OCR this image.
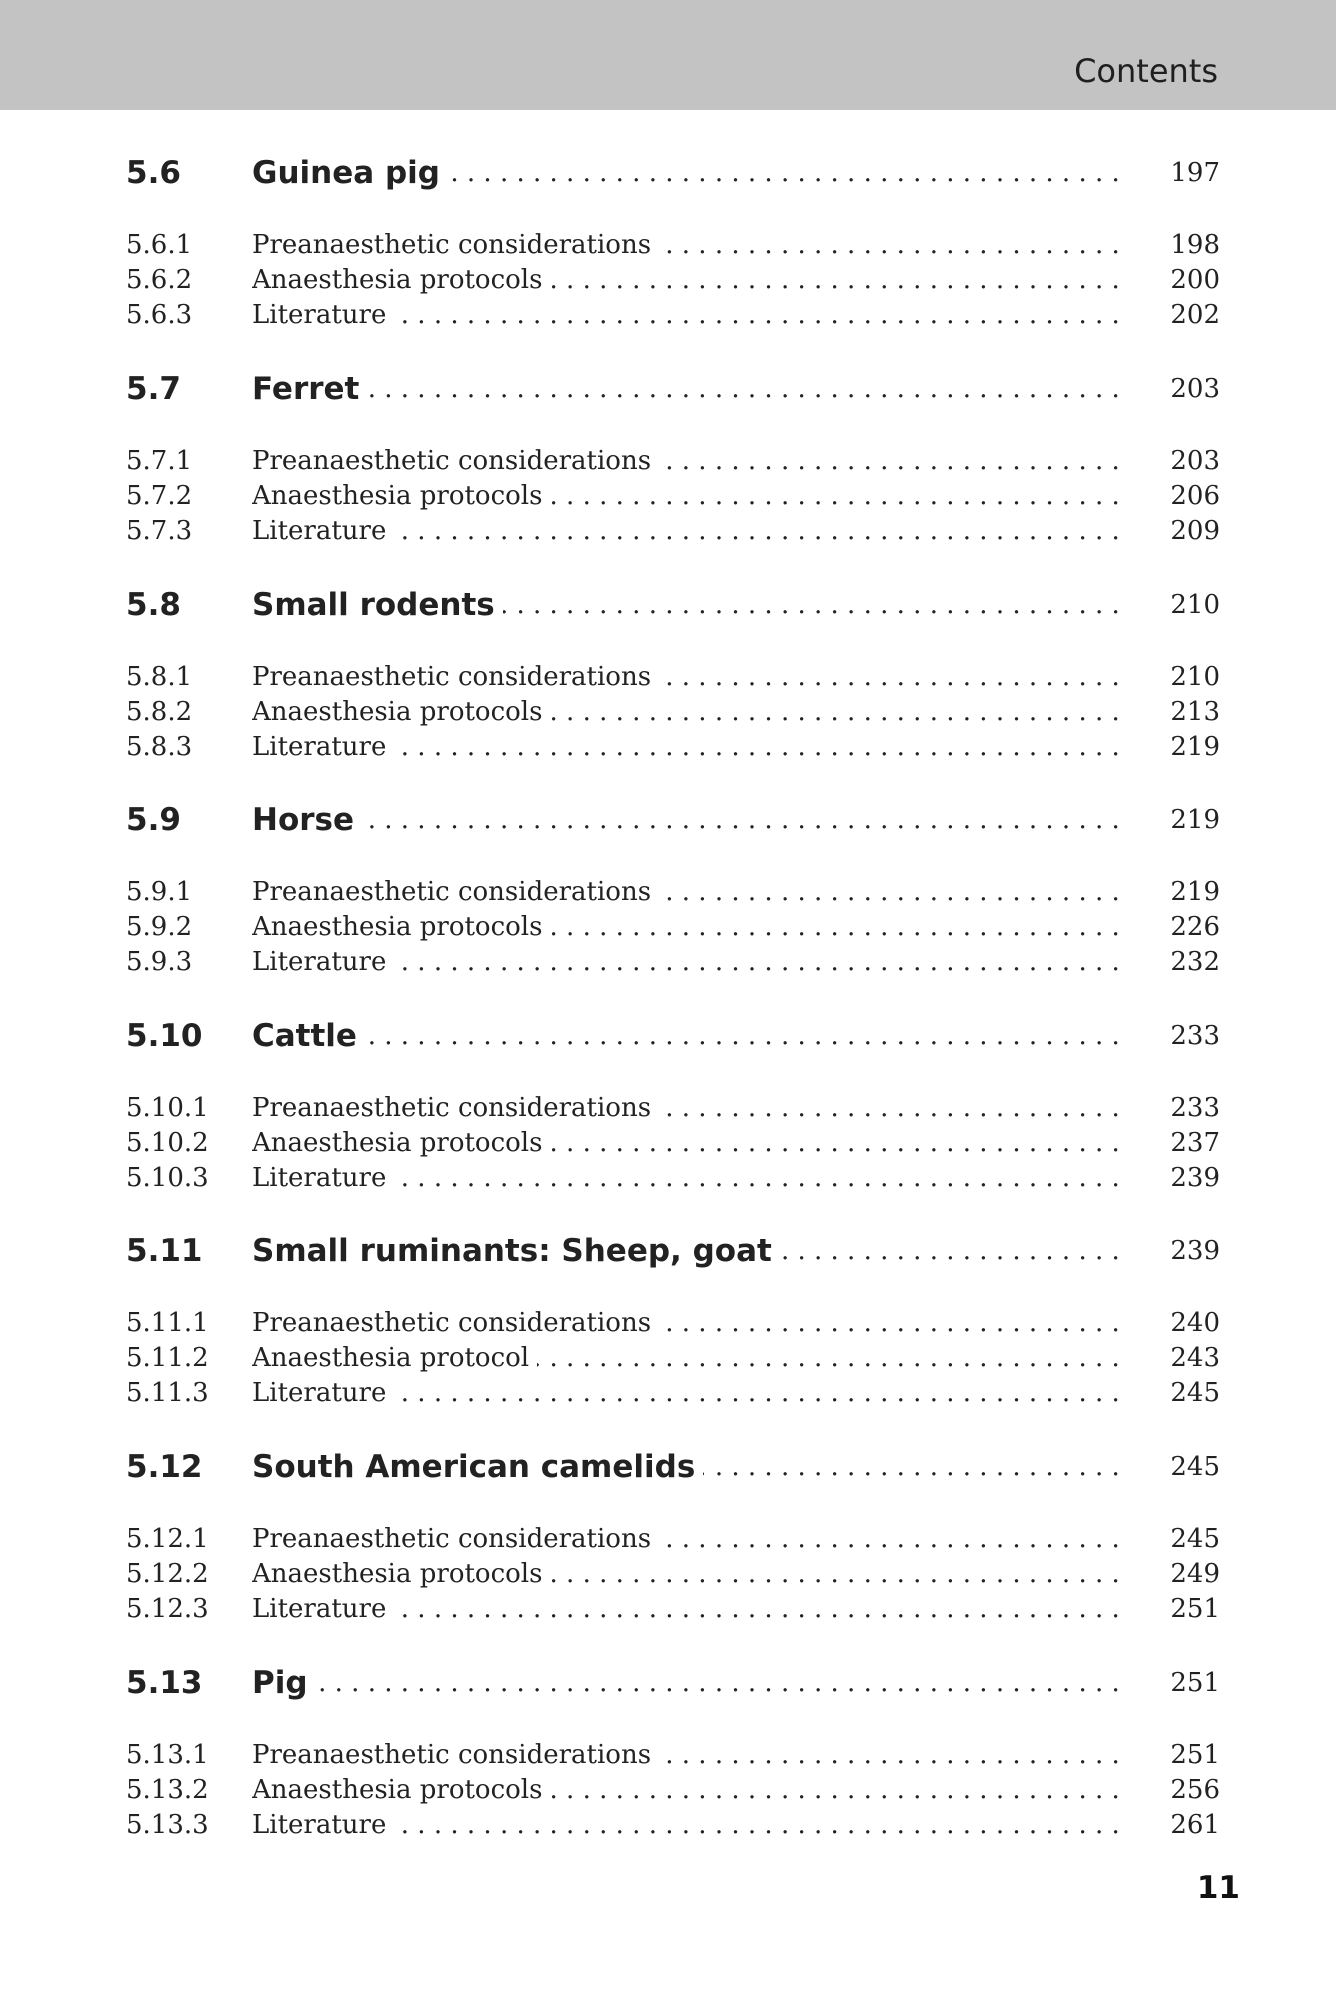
Contents
5.6 Guinea pig . . .	197
5.6.1 Preanaesthetic considerations . . .	198
5.6.2 Anaesthesia protocols . . .	200
5.6.3 Literature . . .	202
5.7 Ferret . . .	203
5.7.1 Preanaesthetic considerations . . .	203
5.7.2 Anaesthesia protocols . . .	206
5.7.3 Literature . . .	209
5.8 Small rodents . . .	210
5.8.1 Preanaesthetic considerations . . .	210
5.8.2 Anaesthesia protocols . . .	213
5.8.3 Literature . . .	219
5.9 Horse . . .	219
5.9.1 Preanaesthetic considerations . . .	219
5.9.2 Anaesthesia protocols . . .	226
5.9.3 Literature . . .	232
5.10 Cattle . . .	233
5.10.1 Preanaesthetic considerations . . .	233
5.10.2 Anaesthesia protocols . . .	237
5.10.3 Literature . . .	239
5.11 Small ruminants: Sheep, goat . . .	239
5.11.1 Preanaesthetic considerations . . .	240
5.11.2 Anaesthesia protocol . . .	243
5.11.3 Literature . . .	245
5.12 South American camelids . . .	245
5.12.1 Preanaesthetic considerations . . .	245
5.12.2 Anaesthesia protocols . . .	249
5.12.3 Literature . . .	251
5.13 Pig . . .	251
5.13.1 Preanaesthetic considerations . . .	251
5.13.2 Anaesthesia protocols . . .	256
5.13.3 Literature . . .	261
11
